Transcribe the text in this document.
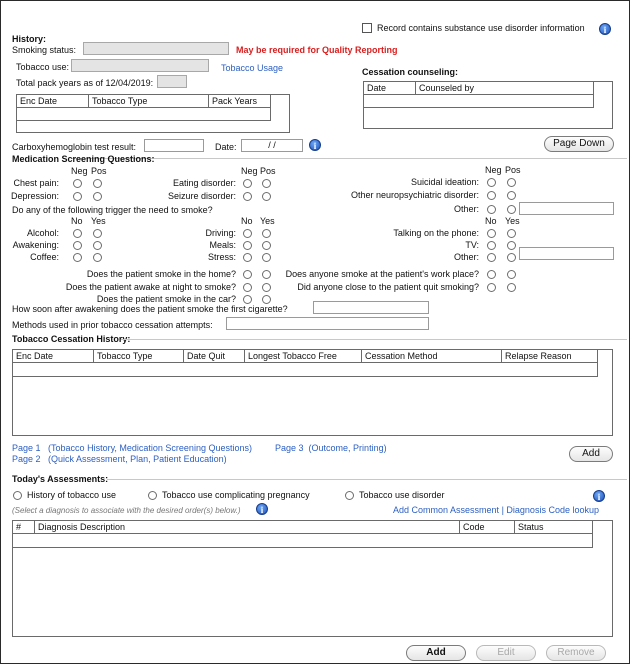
Record contains substance use disorder information	i
History:
Smoking status:	May be required for Quality Reporting
Tobacco use:	Tobacco Usage
Total pack years as of 12/04/2019:
Enc Date	Tobacco Type	Pack Years
Cessation counseling:
Date	Counseled by
Page Down
Carboxyhemoglobin test result:	Date:	/ /	i
Medication Screening Questions:
Neg Pos	Neg Pos	Neg Pos
Chest pain:
Depression:
Eating disorder:
Seizure disorder:
Suicidal ideation:
Other neuropsychiatric disorder:
Other:
Do any of the following trigger the need to smoke?
No Yes	No Yes	No Yes
Alcohol:
Awakening:
Coffee:
Driving:
Meals:
Stress:
Talking on the phone:
TV:
Other:
Does the patient smoke in the home?
Does the patient awake at night to smoke?
Does the patient smoke in the car?
Does anyone smoke at the patient's work place?
Did anyone close to the patient quit smoking?
How soon after awakening does the patient smoke the first cigarette?
Methods used in prior tobacco cessation attempts:
Tobacco Cessation History:
Enc Date	Tobacco Type	Date Quit	Longest Tobacco Free	Cessation Method	Relapse Reason
Page 1 (Tobacco History, Medication Screening Questions)
Page 2 (Quick Assessment, Plan, Patient Education)
Page 3 (Outcome, Printing)	Add
Today's Assessments:
History of tobacco use	Tobacco use complicating pregnancy	Tobacco use disorder	i
(Select a diagnosis to associate with the desired order(s) below.)	i	Add Common Assessment | Diagnosis Code lookup
#	Diagnosis Description	Code	Status
Add	Edit	Remove
